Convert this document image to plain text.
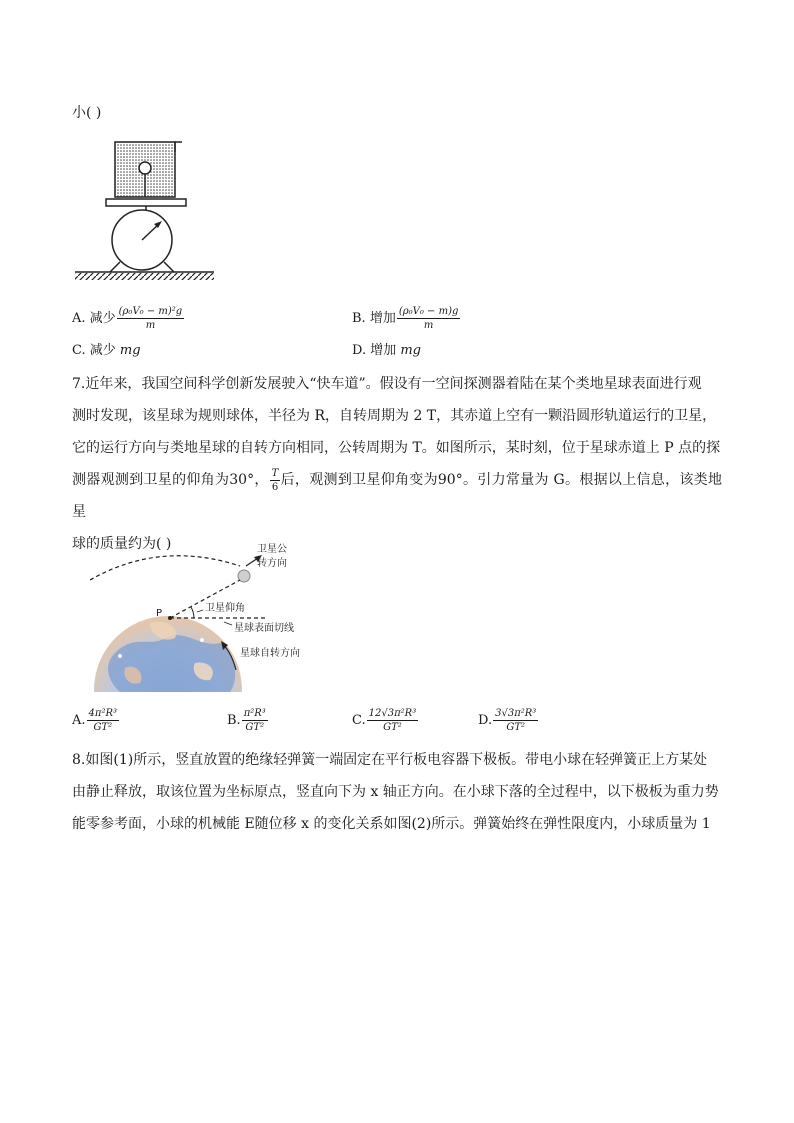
小( )
A. 减少 $\frac{\text{(ρ₀V₀ − m)²g}}{m}$	B. 增加 $\frac{\text{(ρ₀V₀ − m)g}}{m}$
C. 减少 mg	D. 增加 mg
7.近年来，我国空间科学创新发展驶入“快车道”。假设有一空间探测器着陆在某个类地星球表面进行观
测时发现，该星球为规则球体，半径为 R，自转周期为 2 T，其赤道上空有一颗沿圆形轨道运行的卫星，
它的运行方向与类地星球的自转方向相同，公转周期为 T。如图所示，某时刻，位于星球赤道上 P 点的探
测器观测到卫星的仰角为30°， $\frac{T}{6}$ 后，观测到卫星仰角变为90°。引力常量为 G。根据以上信息，该类地星
球的质量约为( )
P
卫星公
转方向
卫星仰角
星球表面切线
星球自转方向
A. $\frac{\text{4π²R³}}{\text{GT²}}$	B. $\frac{\text{π²R³}}{\text{GT²}}$	C. $\frac{\text{12√3π²R³}}{\text{GT²}}$	D. $\frac{\text{3√3π²R³}}{\text{GT²}}$
8.如图(1)所示，竖直放置的绝缘轻弹簧一端固定在平行板电容器下极板。带电小球在轻弹簧正上方某处
由静止释放，取该位置为坐标原点，竖直向下为 x 轴正方向。在小球下落的全过程中，以下极板为重力势
能零参考面，小球的机械能 E随位移 x 的变化关系如图(2)所示。弹簧始终在弹性限度内，小球质量为 1
